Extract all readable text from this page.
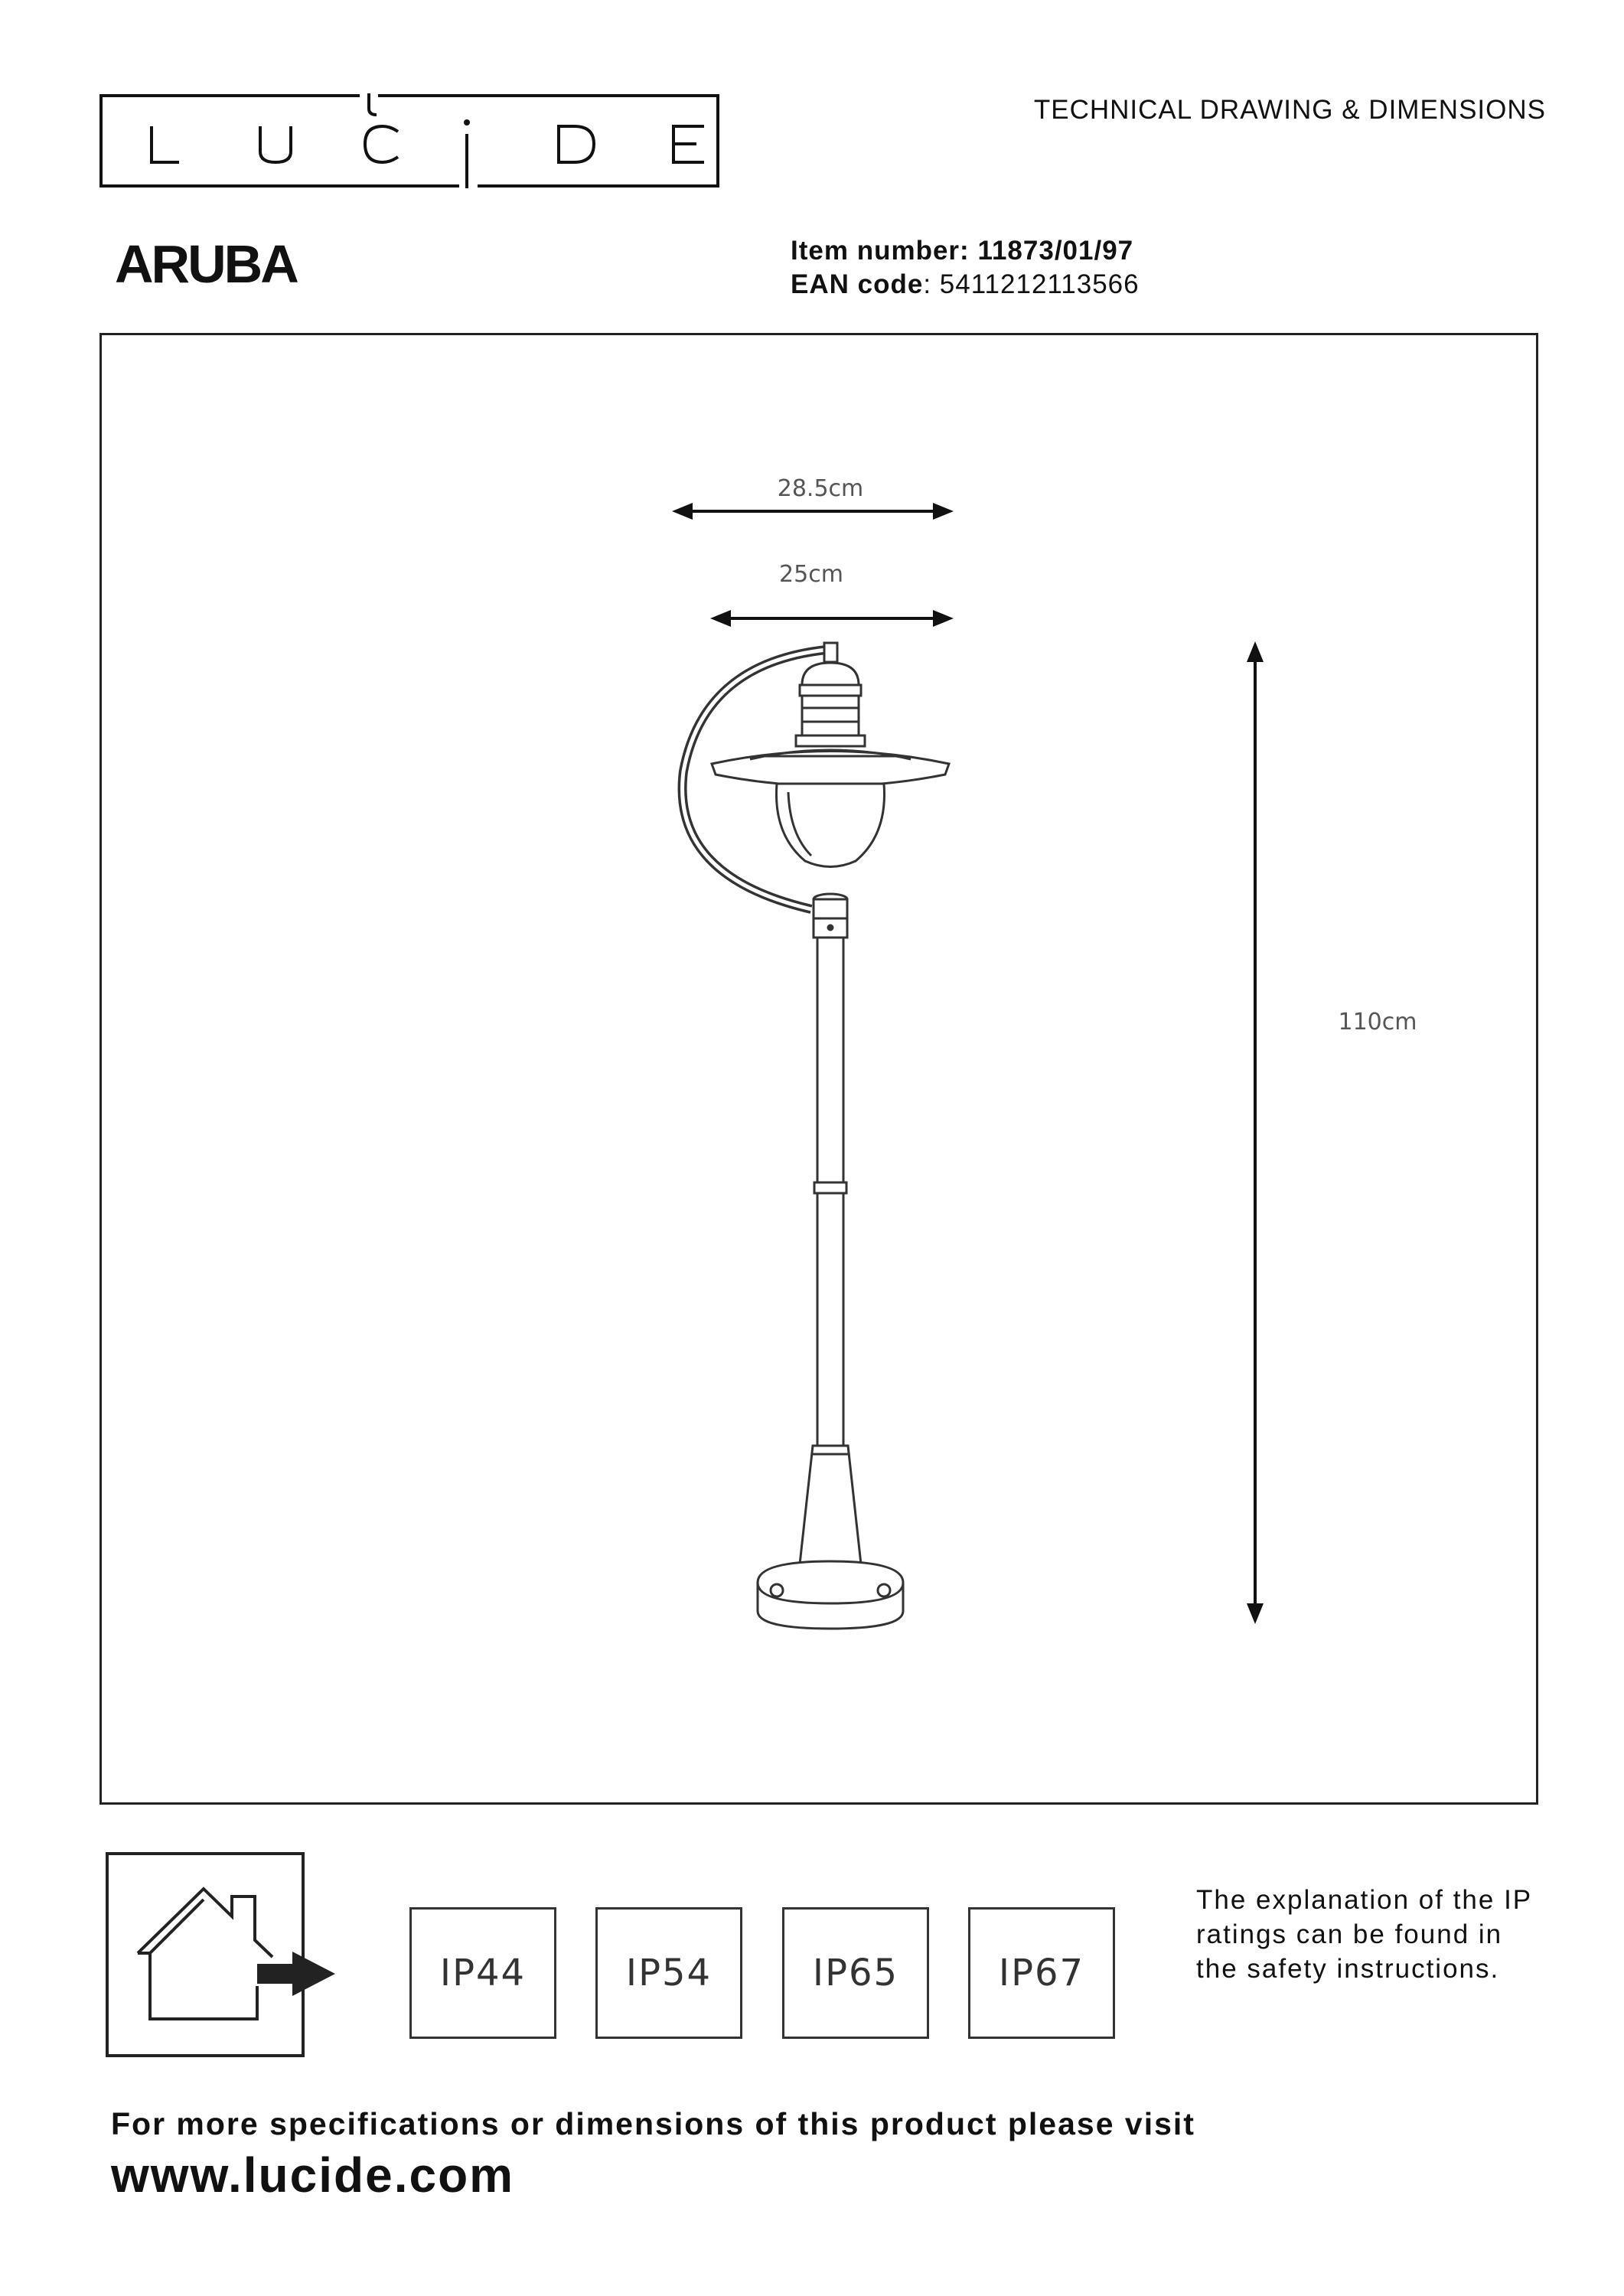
TECHNICAL DRAWING & DIMENSIONS
ARUBA	Item number: 11873/01/97
EAN code: 5411212113566
28.5cm
25cm
110cm
IP44	IP54	IP65	IP67
The explanation of the IP ratings can be found in the safety instructions.
For more specifications or dimensions of this product please visit
www.lucide.com
